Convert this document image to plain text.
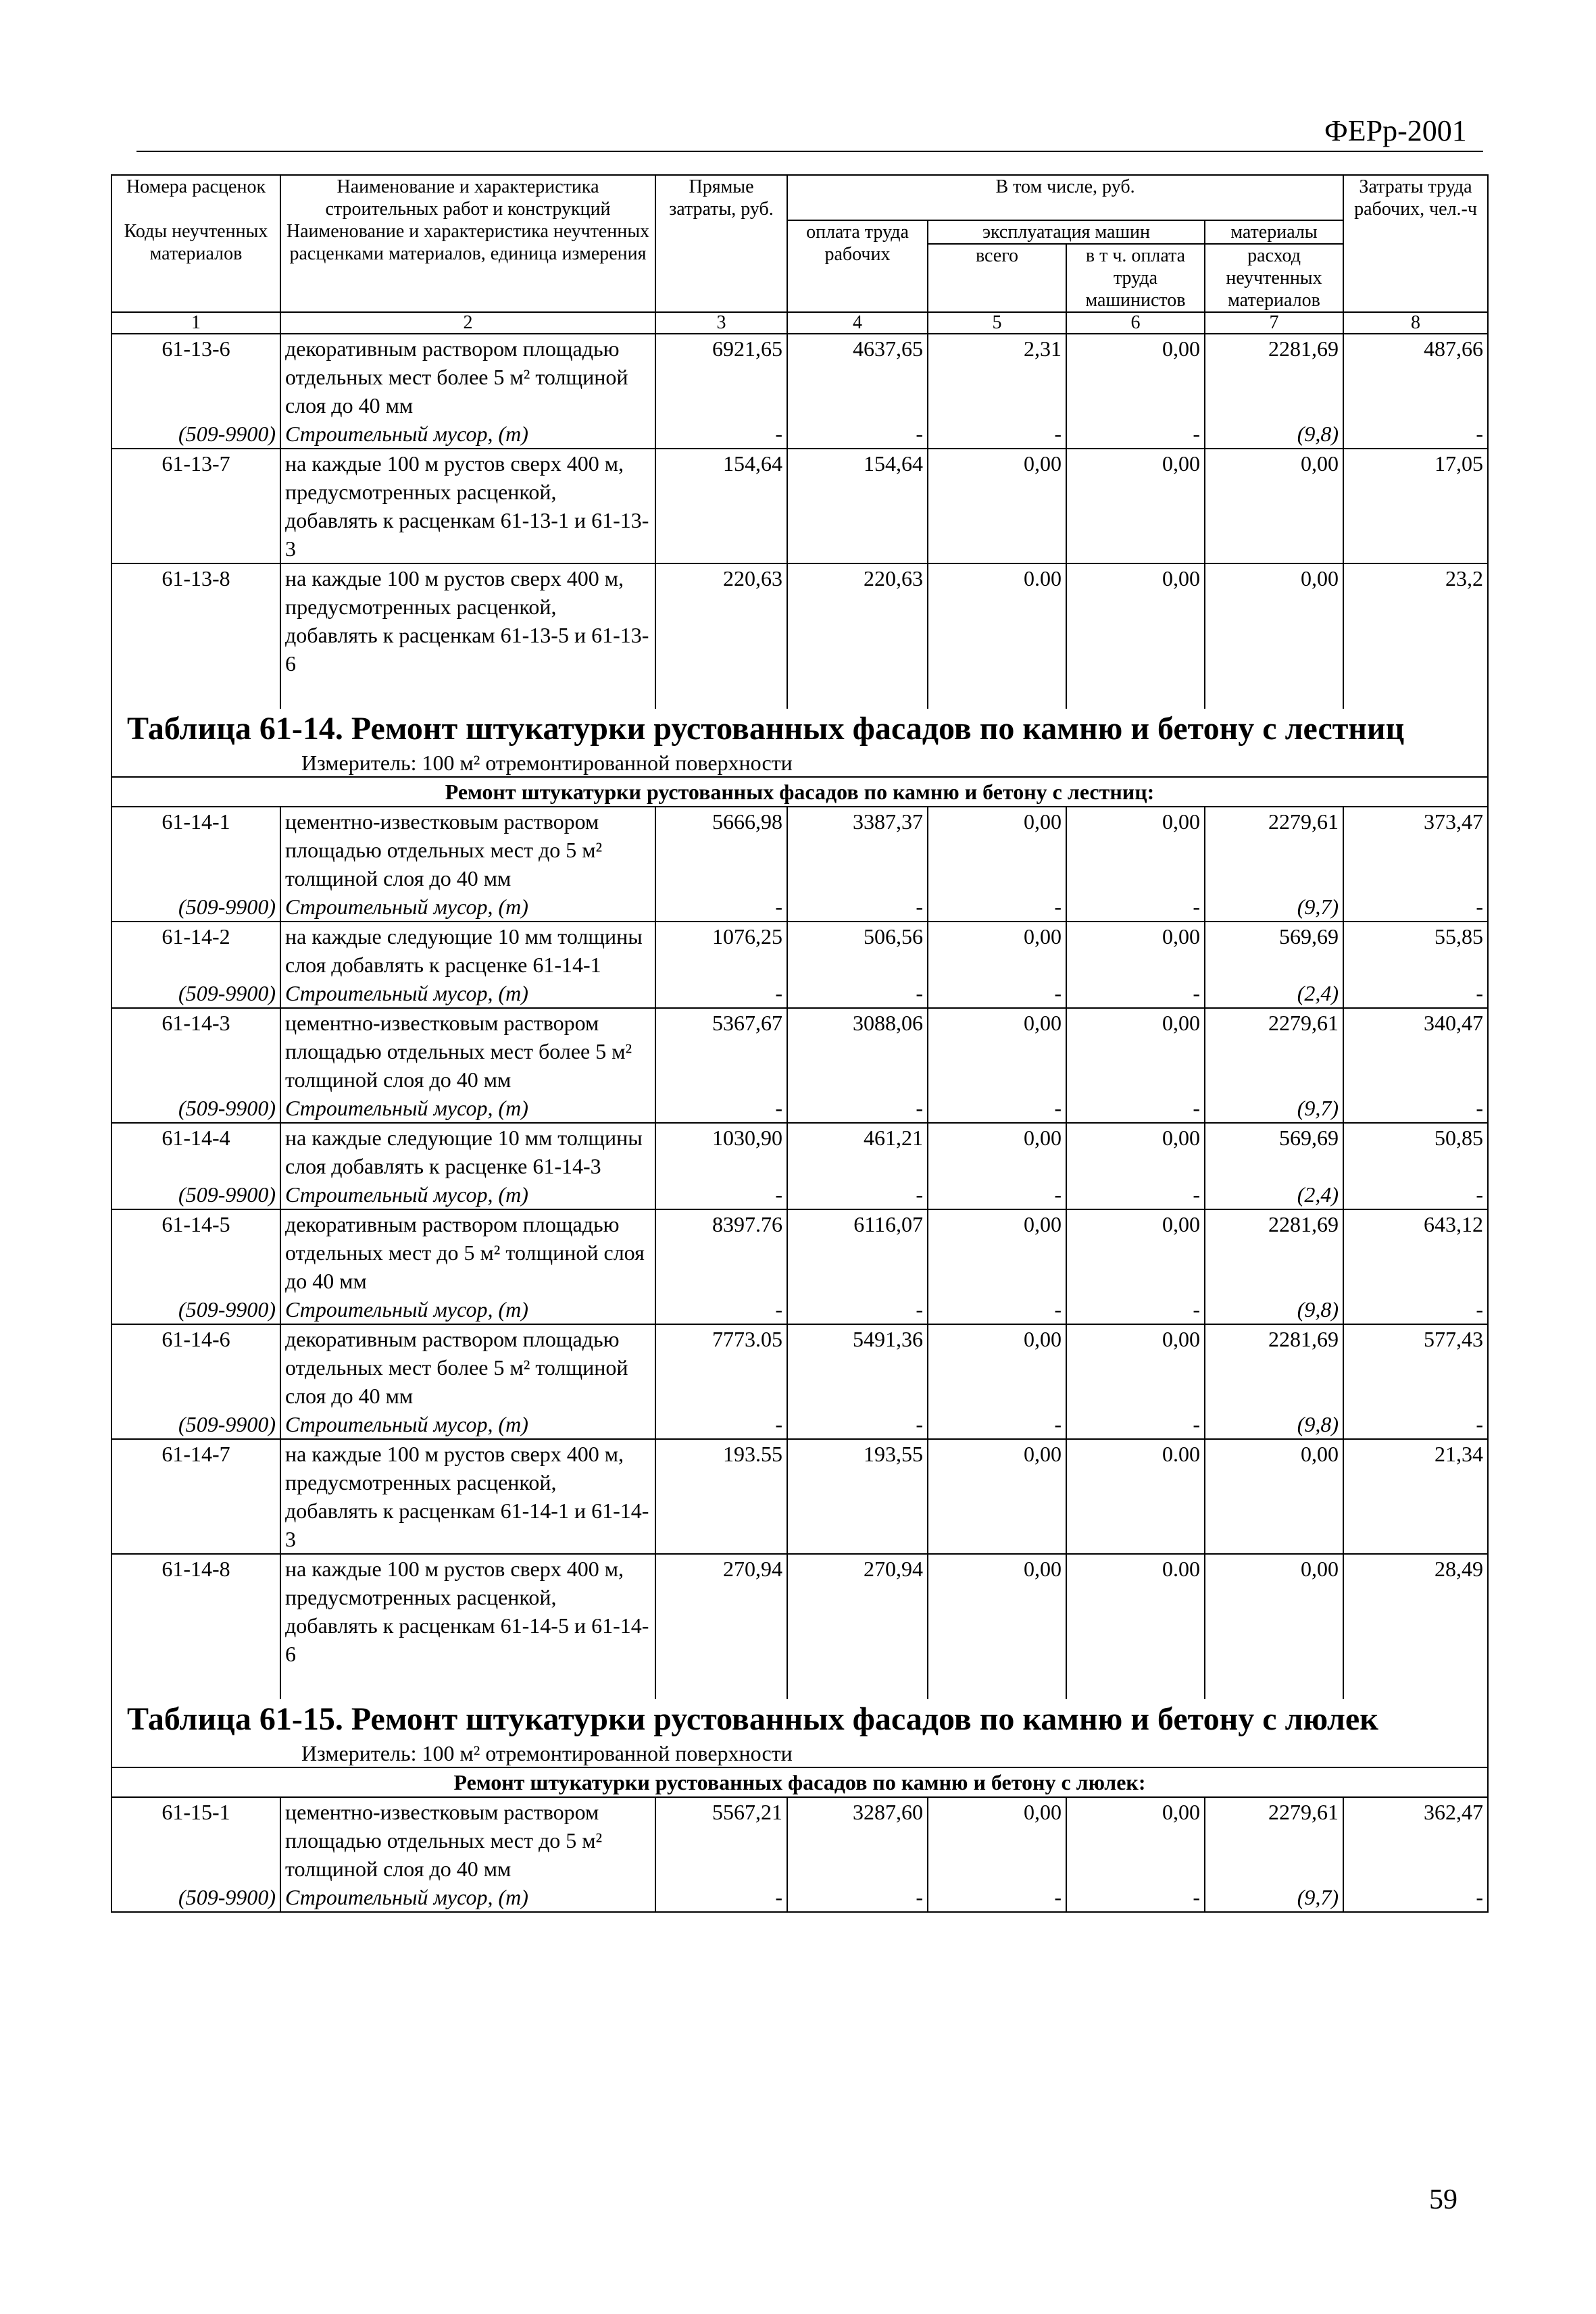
ФЕРр-2001
Номера расценок	Наименование и характеристика строительных работ и конструкций	Прямые затраты, руб.	В том числе, руб.				Затраты труда рабочих, чел.-ч
Коды неучтенных материалов	Наименование и характеристика неучтенных расценками материалов, единица измерения		оплата труда рабочих	эксплуатация машин		материалы	
				всего	в т ч. оплата труда машинистов	расход неучтенных материалов	

1	2	3	4	5	6	7	8
61-13-6	декоративным раствором площадью отдельных мест более 5 м² толщиной слоя до 40 мм	6921,65	4637,65	2,31	0,00	2281,69	487,66
(509-9900)	Строительный мусор, (т)	-	-	-	-	(9,8)	-
61-13-7	на каждые 100 м рустов сверх 400 м, предусмотренных расценкой, добавлять к расценкам 61-13-1 и 61-13-3	154,64	154,64	0,00	0,00	0,00	17,05
61-13-8	на каждые 100 м рустов сверх 400 м, предусмотренных расценкой, добавлять к расценкам 61-13-5 и 61-13-6	220,63	220,63	0.00	0,00	0,00	23,2

Таблица 61-14. Ремонт штукатурки рустованных фасадов по камню и бетону с лестниц							
Измеритель: 100 м² отремонтированной поверхности							
Ремонт штукатурки рустованных фасадов по камню и бетону с лестниц:							
61-14-1	цементно-известковым раствором площадью отдельных мест до 5 м² толщиной слоя до 40 мм	5666,98	3387,37	0,00	0,00	2279,61	373,47
(509-9900)	Строительный мусор, (т)	-	-	-	-	(9,7)	-
61-14-2	на каждые следующие 10 мм толщины слоя добавлять к расценке 61-14-1	1076,25	506,56	0,00	0,00	569,69	55,85
(509-9900)	Строительный мусор, (т)	-	-	-	-	(2,4)	-
61-14-3	цементно-известковым раствором площадью отдельных мест более 5 м² толщиной слоя до 40 мм	5367,67	3088,06	0,00	0,00	2279,61	340,47
(509-9900)	Строительный мусор, (т)	-	-	-	-	(9,7)	-
61-14-4	на каждые следующие 10 мм толщины слоя добавлять к расценке 61-14-3	1030,90	461,21	0,00	0,00	569,69	50,85
(509-9900)	Строительный мусор, (т)	-	-	-	-	(2,4)	-
61-14-5	декоративным раствором площадью отдельных мест до 5 м² толщиной слоя до 40 мм	8397.76	6116,07	0,00	0,00	2281,69	643,12
(509-9900)	Строительный мусор, (т)	-	-	-	-	(9,8)	-
61-14-6	декоративным раствором площадью отдельных мест более 5 м² толщиной слоя до 40 мм	7773.05	5491,36	0,00	0,00	2281,69	577,43
(509-9900)	Строительный мусор, (т)	-	-	-	-	(9,8)	-
61-14-7	на каждые 100 м рустов сверх 400 м, предусмотренных расценкой, добавлять к расценкам 61-14-1 и 61-14-3	193.55	193,55	0,00	0.00	0,00	21,34
61-14-8	на каждые 100 м рустов сверх 400 м, предусмотренных расценкой, добавлять к расценкам 61-14-5 и 61-14-6	270,94	270,94	0,00	0.00	0,00	28,49

Таблица 61-15. Ремонт штукатурки рустованных фасадов по камню и бетону с люлек							
Измеритель: 100 м² отремонтированной поверхности							
Ремонт штукатурки рустованных фасадов по камню и бетону с люлек:							
61-15-1	цементно-известковым раствором площадью отдельных мест до 5 м² толщиной слоя до 40 мм	5567,21	3287,60	0,00	0,00	2279,61	362,47
(509-9900)	Строительный мусор, (т)	-	-	-	-	(9,7)	-
59
